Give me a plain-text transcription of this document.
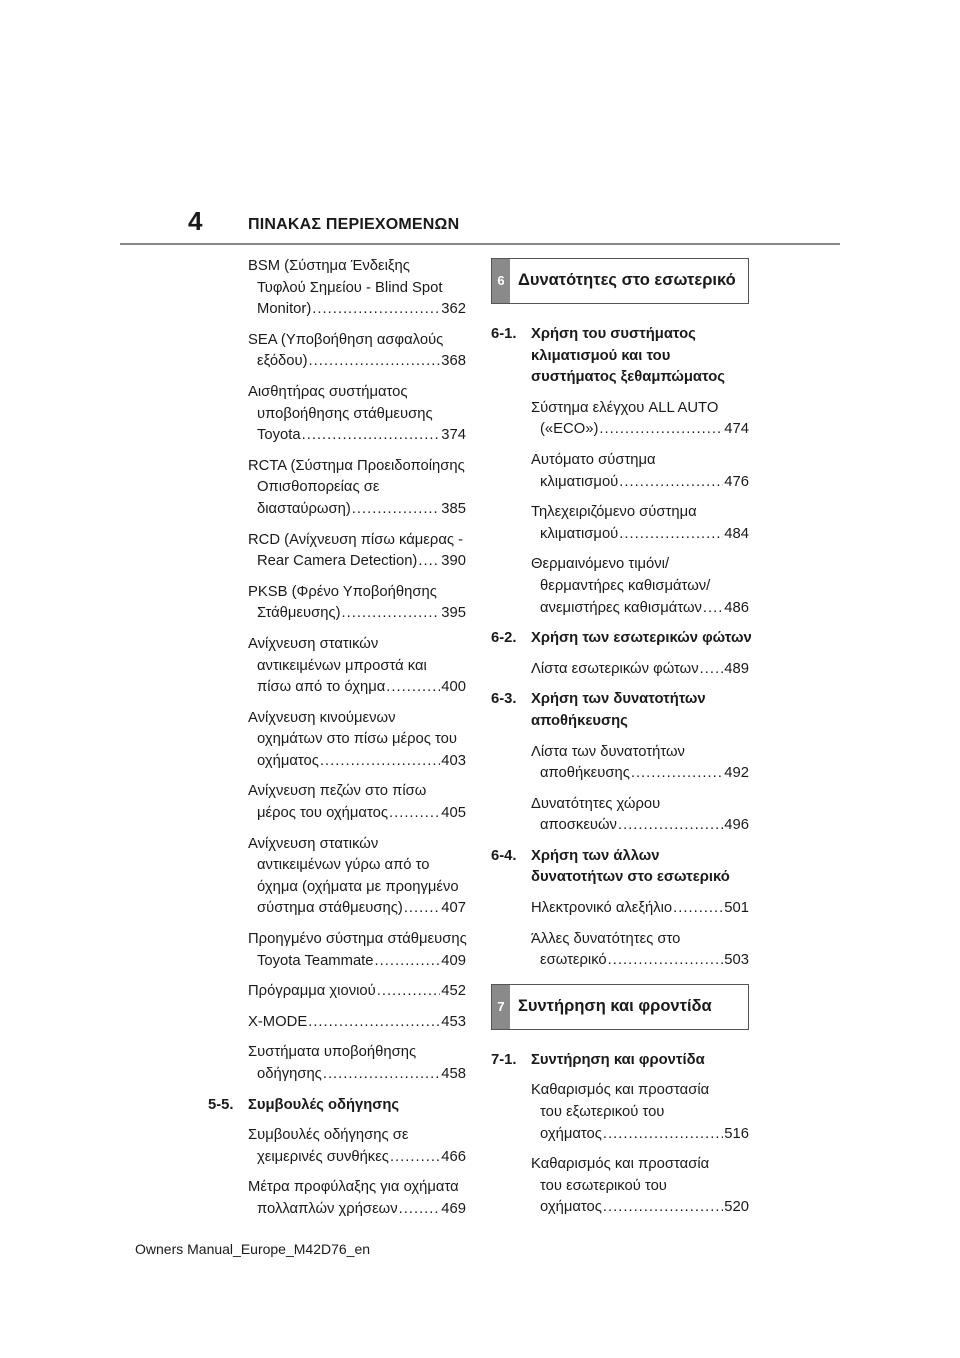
4	ΠΙΝΑΚΑΣ ΠΕΡΙΕΧΟΜΕΝΩΝ
BSM (Σύστημα Ένδειξης
Τυφλού Σημείου - Blind Spot
Monitor) .....	362
SEA (Υποβοήθηση ασφαλούς
εξόδου) .....	368
Αισθητήρας συστήματος
υποβοήθησης στάθμευσης
Toyota .....	374
RCTA (Σύστημα Προειδοποίησης
Οπισθοπορείας σε
διασταύρωση) .....	385
RCD (Ανίχνευση πίσω κάμερας -
Rear Camera Detection) ..... 390
PKSB (Φρένο Υποβοήθησης
Στάθμευσης) .....	395
Ανίχνευση στατικών
αντικειμένων μπροστά και
πίσω από το όχημα .....	400
Ανίχνευση κινούμενων
οχημάτων στο πίσω μέρος του
οχήματος .....	403
Ανίχνευση πεζών στο πίσω
μέρος του οχήματος .....	405
Ανίχνευση στατικών
αντικειμένων γύρω από το
όχημα (οχήματα με προηγμένο
σύστημα στάθμευσης) .....	407
Προηγμένο σύστημα στάθμευσης
Toyota Teammate .....	409
Πρόγραμμα χιονιού .....	452
X-MODE .....	453
Συστήματα υποβοήθησης
οδήγησης .....	458
5-5. Συμβουλές οδήγησης
Συμβουλές οδήγησης σε
χειμερινές συνθήκες .....	466
Μέτρα προφύλαξης για οχήματα
πολλαπλών χρήσεων .....	469
6 Δυνατότητες στο εσωτερικό
6-1. Χρήση του συστήματος
κλιματισμού και του
συστήματος ξεθαμπώματος
Σύστημα ελέγχου ALL AUTO
(«ECO») .....	474
Αυτόματο σύστημα
κλιματισμού .....	476
Τηλεχειριζόμενο σύστημα
κλιματισμού .....	484
Θερμαινόμενο τιμόνι/
θερμαντήρες καθισμάτων/
ανεμιστήρες καθισμάτων ..... 486
6-2. Χρήση των εσωτερικών φώτων
Λίστα εσωτερικών φώτων ..... 489
6-3. Χρήση των δυνατοτήτων
αποθήκευσης
Λίστα των δυνατοτήτων
αποθήκευσης .....	492
Δυνατότητες χώρου
αποσκευών .....	496
6-4. Χρήση των άλλων
δυνατοτήτων στο εσωτερικό
Ηλεκτρονικό αλεξήλιο .....	501
Άλλες δυνατότητες στο
εσωτερικό .....	503
7 Συντήρηση και φροντίδα
7-1. Συντήρηση και φροντίδα
Καθαρισμός και προστασία
του εξωτερικού του
οχήματος .....	516
Καθαρισμός και προστασία
του εσωτερικού του
οχήματος .....	520
Owners Manual_Europe_M42D76_en
